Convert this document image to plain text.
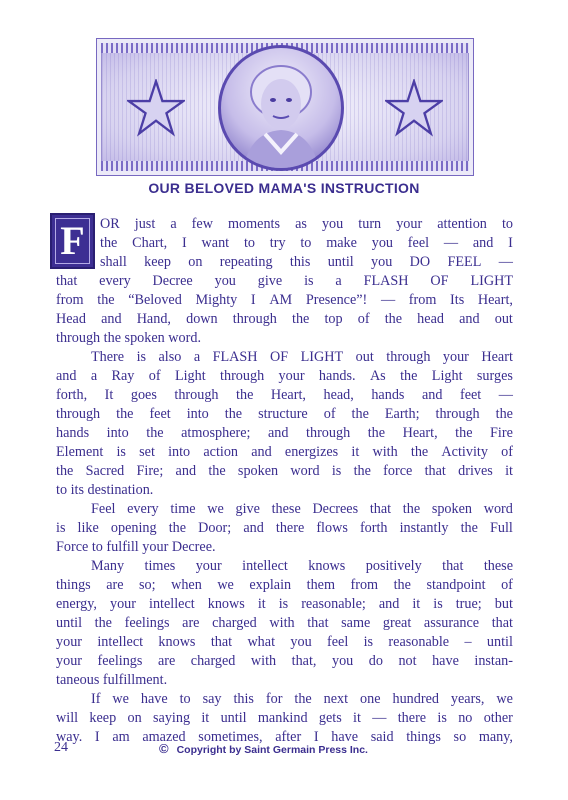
OUR BELOVED MAMA'S INSTRUCTION
F	OR just a few moments as you turn your attention to
the Chart, I want to try to make you feel — and I
shall keep on repeating this until you DO FEEL —
that every Decree you give is a FLASH OF LIGHT
from the “Beloved Mighty I AM Presence”! — from Its Heart,
Head and Hand, down through the top of the head and out
through the spoken word.
There is also a FLASH OF LIGHT out through your Heart
and a Ray of Light through your hands. As the Light surges
forth, It goes through the Heart, head, hands and feet —
through the feet into the structure of the Earth; through the
hands into the atmosphere; and through the Heart, the Fire
Element is set into action and energizes it with the Activity of
the Sacred Fire; and the spoken word is the force that drives it
to its destination.
Feel every time we give these Decrees that the spoken word
is like opening the Door; and there flows forth instantly the Full
Force to fulfill your Decree.
Many times your intellect knows positively that these
things are so; when we explain them from the standpoint of
energy, your intellect knows it is reasonable; and it is true; but
until the feelings are charged with that same great assurance that
your intellect knows that what you feel is reasonable – until
your feelings are charged with that, you do not have instan-
taneous fulfillment.
If we have to say this for the next one hundred years, we
will keep on saying it until mankind gets it — there is no other
way. I am amazed sometimes, after I have said things so many,
24	© Copyright by Saint Germain Press Inc.
